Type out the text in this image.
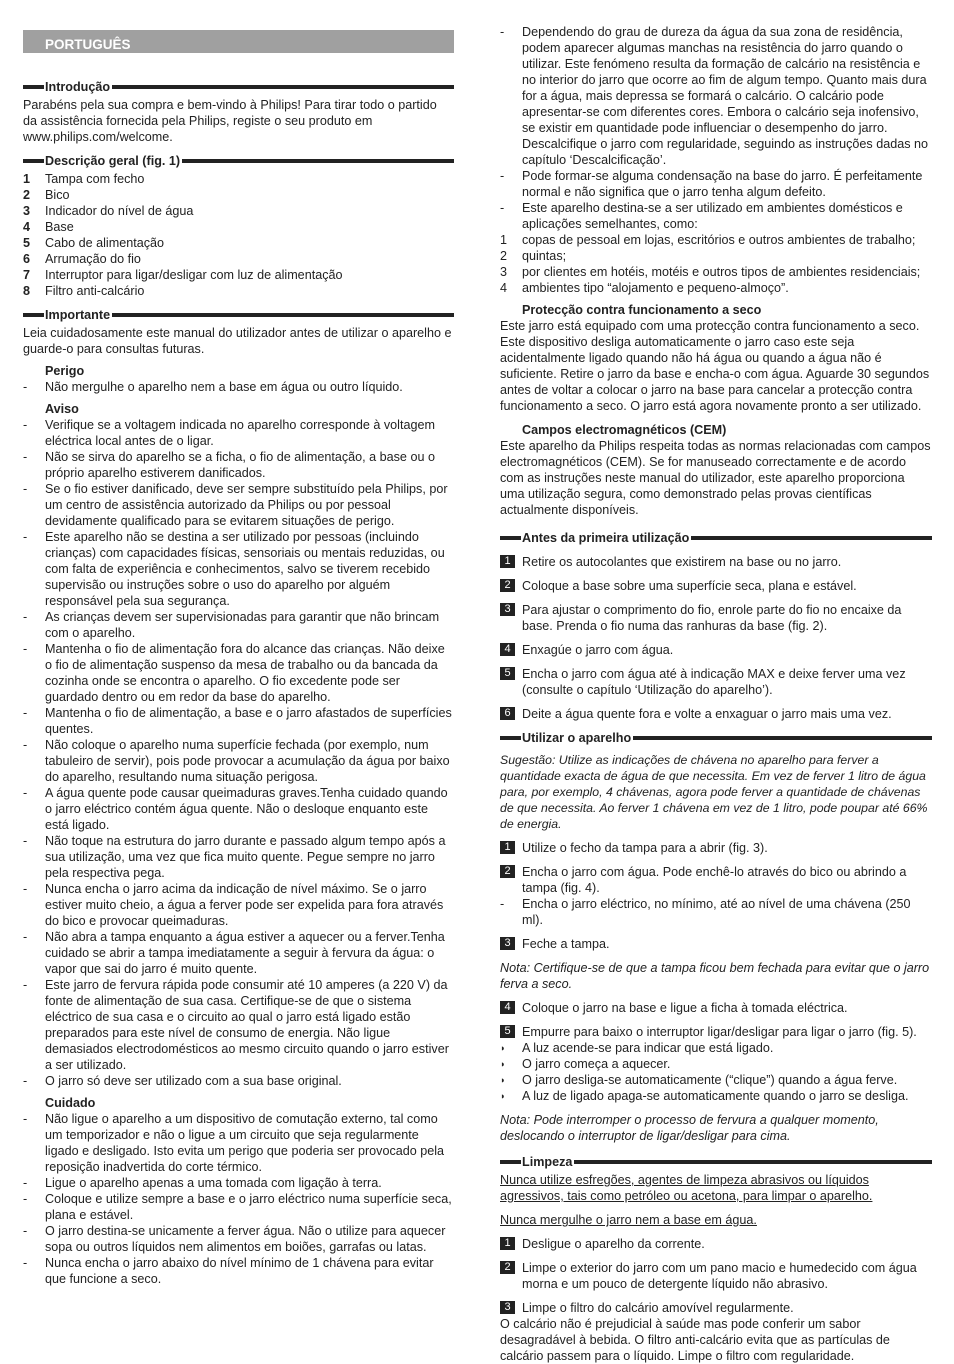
PORTUGUÊS
Introdução

Parabéns pela sua compra e bem-vindo à Philips! Para tirar todo o partido da assistência fornecida pela Philips, registe o seu produto em www.philips.com/welcome.

Descrição geral (fig. 1)
1	Tampa com fecho
2	Bico
3	Indicador do nível de água
4	Base
5	Cabo de alimentação
6	Arrumação do fio
7	Interruptor para ligar/desligar com luz de alimentação
8	Filtro anti-calcário
Importante

Leia cuidadosamente este manual do utilizador antes de utilizar o aparelho e guarde-o para consultas futuras.

Perigo
-	Não mergulhe o aparelho nem a base em água ou outro líquido.
Aviso
-	Verifique se a voltagem indicada no aparelho corresponde à voltagem eléctrica local antes de o ligar.
-	Não se sirva do aparelho se a ficha, o fio de alimentação, a base ou o próprio aparelho estiverem danificados.
-	Se o fio estiver danificado, deve ser sempre substituído pela Philips, por um centro de assistência autorizado da Philips ou por pessoal devidamente qualificado para se evitarem situações de perigo.
-	Este aparelho não se destina a ser utilizado por pessoas (incluindo crianças) com capacidades físicas, sensoriais ou mentais reduzidas, ou com falta de experiência e conhecimentos, salvo se tiverem recebido supervisão ou instruções sobre o uso do aparelho por alguém responsável pela sua segurança.
-	As crianças devem ser supervisionadas para garantir que não brincam com o aparelho.
-	Mantenha o fio de alimentação fora do alcance das crianças. Não deixe o fio de alimentação suspenso da mesa de trabalho ou da bancada da cozinha onde se encontra o aparelho. O fio excedente pode ser guardado dentro ou em redor da base do aparelho.
-	Mantenha o fio de alimentação, a base e o jarro afastados de superfícies quentes.
-	Não coloque o aparelho numa superfície fechada (por exemplo, num tabuleiro de servir), pois pode provocar a acumulação da água por baixo do aparelho, resultando numa situação perigosa.
-	A água quente pode causar queimaduras graves.Tenha cuidado quando o jarro eléctrico contém água quente. Não o desloque enquanto este está ligado.
-	Não toque na estrutura do jarro durante e passado algum tempo após a sua utilização, uma vez que fica muito quente. Pegue sempre no jarro pela respectiva pega.
-	Nunca encha o jarro acima da indicação de nível máximo. Se o jarro estiver muito cheio, a água a ferver pode ser expelida para fora através do bico e provocar queimaduras.
-	Não abra a tampa enquanto a água estiver a aquecer ou a ferver.Tenha cuidado se abrir a tampa imediatamente a seguir à fervura da água: o vapor que sai do jarro é muito quente.
-	Este jarro de fervura rápida pode consumir até 10 amperes (a 220 V) da fonte de alimentação de sua casa. Certifique-se de que o sistema eléctrico de sua casa e o circuito ao qual o jarro está ligado estão preparados para este nível de consumo de energia. Não ligue demasiados electrodomésticos ao mesmo circuito quando o jarro estiver a ser utilizado.
-	O jarro só deve ser utilizado com a sua base original.
Cuidado
-	Não ligue o aparelho a um dispositivo de comutação externo, tal como um temporizador e não o ligue a um circuito que seja regularmente ligado e desligado. Isto evita um perigo que poderia ser provocado pela reposição inadvertida do corte térmico.
-	Ligue o aparelho apenas a uma tomada com ligação à terra.
-	Coloque e utilize sempre a base e o jarro eléctrico numa superfície seca, plana e estável.
-	O jarro destina-se unicamente a ferver água. Não o utilize para aquecer sopa ou outros líquidos nem alimentos em boiões, garrafas ou latas.
-	Nunca encha o jarro abaixo do nível mínimo de 1 chávena para evitar que funcione a seco.
-	Dependendo do grau de dureza da água da sua zona de residência, podem aparecer algumas manchas na resistência do jarro quando o utilizar. Este fenómeno resulta da formação de calcário na resistência e no interior do jarro que ocorre ao fim de algum tempo. Quanto mais dura for a água, mais depressa se formará o calcário. O calcário pode apresentar-se com diferentes cores. Embora o calcário seja inofensivo, se existir em quantidade pode influenciar o desempenho do jarro. Descalcifique o jarro com regularidade, seguindo as instruções dadas no capítulo ‘Descalcificação’.
-	Pode formar-se alguma condensação na base do jarro. É perfeitamente normal e não significa que o jarro tenha algum defeito.
-	Este aparelho destina-se a ser utilizado em ambientes domésticos e aplicações semelhantes, como:
1	copas de pessoal em lojas, escritórios e outros ambientes de trabalho;
2	quintas;
3	por clientes em hotéis, motéis e outros tipos de ambientes residenciais;
4	ambientes tipo “alojamento e pequeno-almoço”.
Protecção contra funcionamento a seco

Este jarro está equipado com uma protecção contra funcionamento a seco. Este dispositivo desliga automaticamente o jarro caso este seja acidentalmente ligado quando não há água ou quando a água não é suficiente. Retire o jarro da base e encha-o com água. Aguarde 30 segundos antes de voltar a colocar o jarro na base para cancelar a protecção contra funcionamento a seco. O jarro está agora novamente pronto a ser utilizado.

Campos electromagnéticos (CEM)

Este aparelho da Philips respeita todas as normas relacionadas com campos electromagnéticos (CEM). Se for manuseado correctamente e de acordo com as instruções neste manual do utilizador, este aparelho proporciona uma utilização segura, como demonstrado pelas provas científicas actualmente disponíveis.

Antes da primeira utilização
1 Retire os autocolantes que existirem na base ou no jarro.
2 Coloque a base sobre uma superfície seca, plana e estável.
3 Para ajustar o comprimento do fio, enrole parte do fio no encaixe da base. Prenda o fio numa das ranhuras da base (fig. 2).
4 Enxagúe o jarro com água.
5 Encha o jarro com água até à indicação MAX e deixe ferver uma vez (consulte o capítulo ‘Utilização do aparelho’).
6 Deite a água quente fora e volte a enxaguar o jarro mais uma vez.
Utilizar o aparelho

Sugestão: Utilize as indicações de chávena no aparelho para ferver a quantidade exacta de água de que necessita. Em vez de ferver 1 litro de água para, por exemplo, 4 chávenas, agora pode ferver a quantidade de chávenas de que necessita. Ao ferver 1 chávena em vez de 1 litro, pode poupar até 66% de energia.

1 Utilize o fecho da tampa para a abrir (fig. 3).
2 Encha o jarro com água. Pode enchê-lo através do bico ou abrindo a tampa (fig. 4).
-	Encha o jarro eléctrico, no mínimo, até ao nível de uma chávena (250 ml).
3 Feche a tampa.

Nota: Certifique-se de que a tampa ficou bem fechada para evitar que o jarro ferva a seco.

4 Coloque o jarro na base e ligue a ficha à tomada eléctrica.
5 Empurre para baixo o interruptor ligar/desligar para ligar o jarro (fig. 5).
◗	A luz acende-se para indicar que está ligado.
◗	O jarro começa a aquecer.
◗	O jarro desliga-se automaticamente (“clique”) quando a água ferve.
◗	A luz de ligado apaga-se automaticamente quando o jarro se desliga.

Nota: Pode interromper o processo de fervura a qualquer momento, deslocando o interruptor de ligar/desligar para cima.

Limpeza

Nunca utilize esfregões, agentes de limpeza abrasivos ou líquidos agressivos, tais como petróleo ou acetona, para limpar o aparelho.

Nunca mergulhe o jarro nem a base em água.

1 Desligue o aparelho da corrente.
2 Limpe o exterior do jarro com um pano macio e humedecido com água morna e um pouco de detergente líquido não abrasivo.
3 Limpe o filtro do calcário amovível regularmente.

O calcário não é prejudicial à saúde mas pode conferir um sabor desagradável à bebida. O filtro anti-calcário evita que as partículas de calcário passem para o líquido. Limpe o filtro com regularidade.
